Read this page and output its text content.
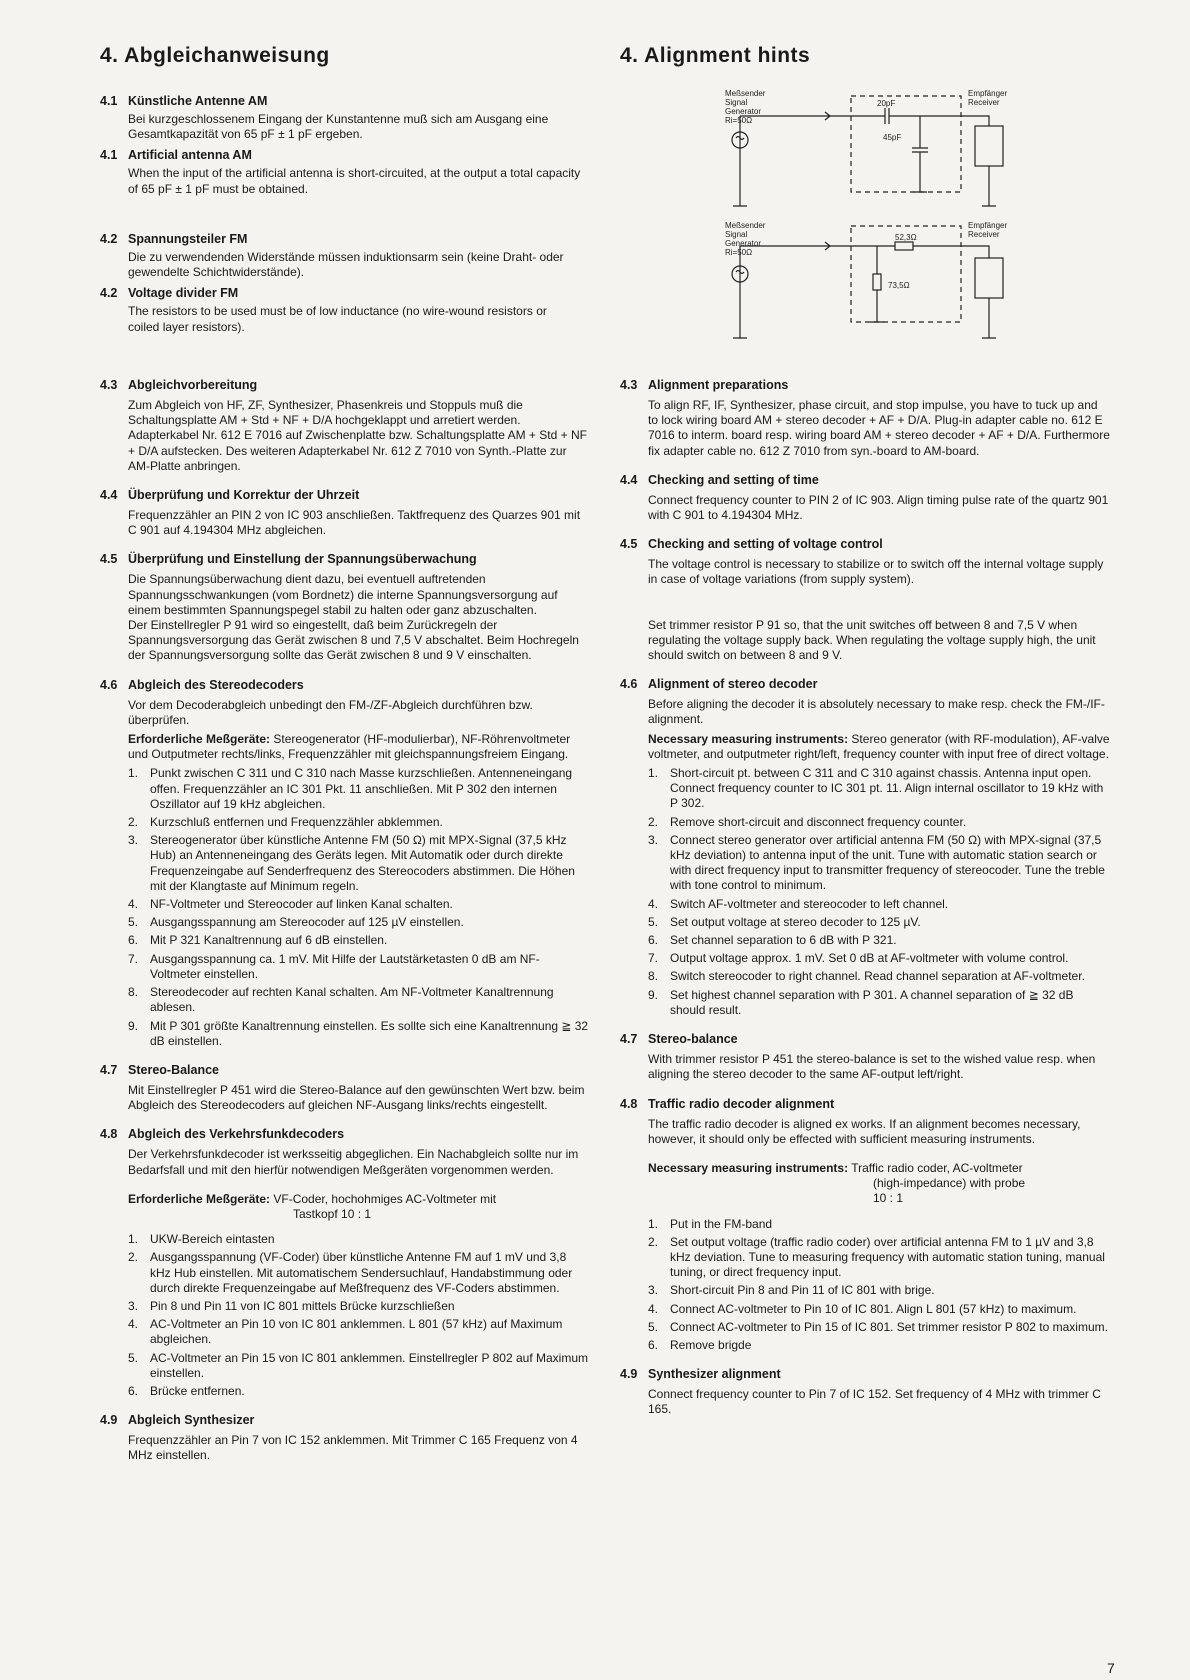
4. Abgleichanweisung	4. Alignment hints
4.1 Künstliche Antenne AM
Bei kurzgeschlossenem Eingang der Kunstantenne muß sich am Ausgang eine Gesamtkapazität von 65 pF ± 1 pF ergeben.
4.1 Artificial antenna AM
When the input of the artificial antenna is short-circuited, at the output a total capacity of 65 pF ± 1 pF must be obtained.
4.2 Spannungsteiler FM
Die zu verwendenden Widerstände müssen induktionsarm sein (keine Draht- oder gewendelte Schichtwiderstände).
4.2 Voltage divider FM
The resistors to be used must be of low inductance (no wire-wound resistors or coiled layer resistors).
Meßsender
Signal
Generator
Ri=50Ω
Empfänger
Receiver
20pF
45pF
Meßsender
Signal
Generator
Ri=50Ω
Empfänger
Receiver
52,3Ω
73,5Ω
4.3 Abgleichvorbereitung
Zum Abgleich von HF, ZF, Synthesizer, Phasenkreis und Stoppuls muß die Schaltungsplatte AM + Std + NF + D/A hochgeklappt und arretiert werden. Adapterkabel Nr. 612 E 7016 auf Zwischenplatte bzw. Schaltungsplatte AM + Std + NF + D/A aufstecken. Des weiteren Adapterkabel Nr. 612 Z 7010 von Synth.-Platte zur AM-Platte anbringen.
4.4 Überprüfung und Korrektur der Uhrzeit
Frequenzzähler an PIN 2 von IC 903 anschließen. Taktfrequenz des Quarzes 901 mit C 901 auf 4.194304 MHz abgleichen.
4.5 Überprüfung und Einstellung der Spannungsüberwachung
Die Spannungsüberwachung dient dazu, bei eventuell auftretenden Spannungsschwankungen (vom Bordnetz) die interne Spannungsversorgung auf einem bestimmten Spannungspegel stabil zu halten oder ganz abzuschalten.
Der Einstellregler P 91 wird so eingestellt, daß beim Zurückregeln der Spannungsversorgung das Gerät zwischen 8 und 7,5 V abschaltet. Beim Hochregeln der Spannungsversorgung sollte das Gerät zwischen 8 und 9 V einschalten.
4.6 Abgleich des Stereodecoders
Vor dem Decoderabgleich unbedingt den FM-/ZF-Abgleich durchführen bzw. überprüfen.
Erforderliche Meßgeräte: Stereogenerator (HF-modulierbar), NF-Röhrenvoltmeter und Outputmeter rechts/links, Frequenzzähler mit gleichspannungsfreiem Eingang.
1. Punkt zwischen C 311 und C 310 nach Masse kurzschließen. Antenneneingang offen. Frequenzzähler an IC 301 Pkt. 11 anschließen. Mit P 302 den internen Oszillator auf 19 kHz abgleichen.
2. Kurzschluß entfernen und Frequenzzähler abklemmen.
3. Stereogenerator über künstliche Antenne FM (50 Ω) mit MPX-Signal (37,5 kHz Hub) an Antenneneingang des Geräts legen. Mit Automatik oder durch direkte Frequenzeingabe auf Senderfrequenz des Stereocoders abstimmen. Die Höhen mit der Klangtaste auf Minimum regeln.
4. NF-Voltmeter und Stereocoder auf linken Kanal schalten.
5. Ausgangsspannung am Stereocoder auf 125 µV einstellen.
6. Mit P 321 Kanaltrennung auf 6 dB einstellen.
7. Ausgangsspannung ca. 1 mV. Mit Hilfe der Lautstärketasten 0 dB am NF-Voltmeter einstellen.
8. Stereodecoder auf rechten Kanal schalten. Am NF-Voltmeter Kanaltrennung ablesen.
9. Mit P 301 größte Kanaltrennung einstellen. Es sollte sich eine Kanaltrennung ≧ 32 dB einstellen.
4.7 Stereo-Balance
Mit Einstellregler P 451 wird die Stereo-Balance auf den gewünschten Wert bzw. beim Abgleich des Stereodecoders auf gleichen NF-Ausgang links/rechts eingestellt.
4.8 Abgleich des Verkehrsfunkdecoders
Der Verkehrsfunkdecoder ist werksseitig abgeglichen. Ein Nachabgleich sollte nur im Bedarfsfall und mit den hierfür notwendigen Meßgeräten vorgenommen werden.
Erforderliche Meßgeräte: VF-Coder, hochohmiges AC-Voltmeter mit
Tastkopf 10 : 1
1. UKW-Bereich eintasten
2. Ausgangsspannung (VF-Coder) über künstliche Antenne FM auf 1 mV und 3,8 kHz Hub einstellen. Mit automatischem Sendersuchlauf, Handabstimmung oder durch direkte Frequenzeingabe auf Meßfrequenz des VF-Coders abstimmen.
3. Pin 8 und Pin 11 von IC 801 mittels Brücke kurzschließen
4. AC-Voltmeter an Pin 10 von IC 801 anklemmen. L 801 (57 kHz) auf Maximum abgleichen.
5. AC-Voltmeter an Pin 15 von IC 801 anklemmen. Einstellregler P 802 auf Maximum einstellen.
6. Brücke entfernen.
4.9 Abgleich Synthesizer
Frequenzzähler an Pin 7 von IC 152 anklemmen. Mit Trimmer C 165 Frequenz von 4 MHz einstellen.
4.3 Alignment preparations
To align RF, IF, Synthesizer, phase circuit, and stop impulse, you have to tuck up and to lock wiring board AM + stereo decoder + AF + D/A. Plug-in adapter cable no. 612 E 7016 to interm. board resp. wiring board AM + stereo decoder + AF + D/A. Furthermore fix adapter cable no. 612 Z 7010 from syn.-board to AM-board.
4.4 Checking and setting of time
Connect frequency counter to PIN 2 of IC 903. Align timing pulse rate of the quartz 901 with C 901 to 4.194304 MHz.
4.5 Checking and setting of voltage control
The voltage control is necessary to stabilize or to switch off the internal voltage supply in case of voltage variations (from supply system).
Set trimmer resistor P 91 so, that the unit switches off between 8 and 7,5 V when regulating the voltage supply back. When regulating the voltage supply high, the unit should switch on between 8 and 9 V.
4.6 Alignment of stereo decoder
Before aligning the decoder it is absolutely necessary to make resp. check the FM-/IF-alignment.
Necessary measuring instruments: Stereo generator (with RF-modulation), AF-valve voltmeter, and outputmeter right/left, frequency counter with input free of direct voltage.
1. Short-circuit pt. between C 311 and C 310 against chassis. Antenna input open. Connect frequency counter to IC 301 pt. 11. Align internal oscillator to 19 kHz with P 302.
2. Remove short-circuit and disconnect frequency counter.
3. Connect stereo generator over artificial antenna FM (50 Ω) with MPX-signal (37,5 kHz deviation) to antenna input of the unit. Tune with automatic station search or with direct frequency input to transmitter frequency of stereocoder. Tune the treble with tone control to minimum.
4. Switch AF-voltmeter and stereocoder to left channel.
5. Set output voltage at stereo decoder to 125 µV.
6. Set channel separation to 6 dB with P 321.
7. Output voltage approx. 1 mV. Set 0 dB at AF-voltmeter with volume control.
8. Switch stereocoder to right channel. Read channel separation at AF-voltmeter.
9. Set highest channel separation with P 301. A channel separation of ≧ 32 dB should result.
4.7 Stereo-balance
With trimmer resistor P 451 the stereo-balance is set to the wished value resp. when aligning the stereo decoder to the same AF-output left/right.
4.8 Traffic radio decoder alignment
The traffic radio decoder is aligned ex works. If an alignment becomes necessary, however, it should only be effected with sufficient measuring instruments.
Necessary measuring instruments: Traffic radio coder, AC-voltmeter
(high-impedance) with probe
10 : 1
1. Put in the FM-band
2. Set output voltage (traffic radio coder) over artificial antenna FM to 1 µV and 3,8 kHz deviation. Tune to measuring frequency with automatic station tuning, manual tuning, or direct frequency input.
3. Short-circuit Pin 8 and Pin 11 of IC 801 with brige.
4. Connect AC-voltmeter to Pin 10 of IC 801. Align L 801 (57 kHz) to maximum.
5. Connect AC-voltmeter to Pin 15 of IC 801. Set trimmer resistor P 802 to maximum.
6. Remove brigde
4.9 Synthesizer alignment
Connect frequency counter to Pin 7 of IC 152. Set frequency of 4 MHz with trimmer C 165.
7
